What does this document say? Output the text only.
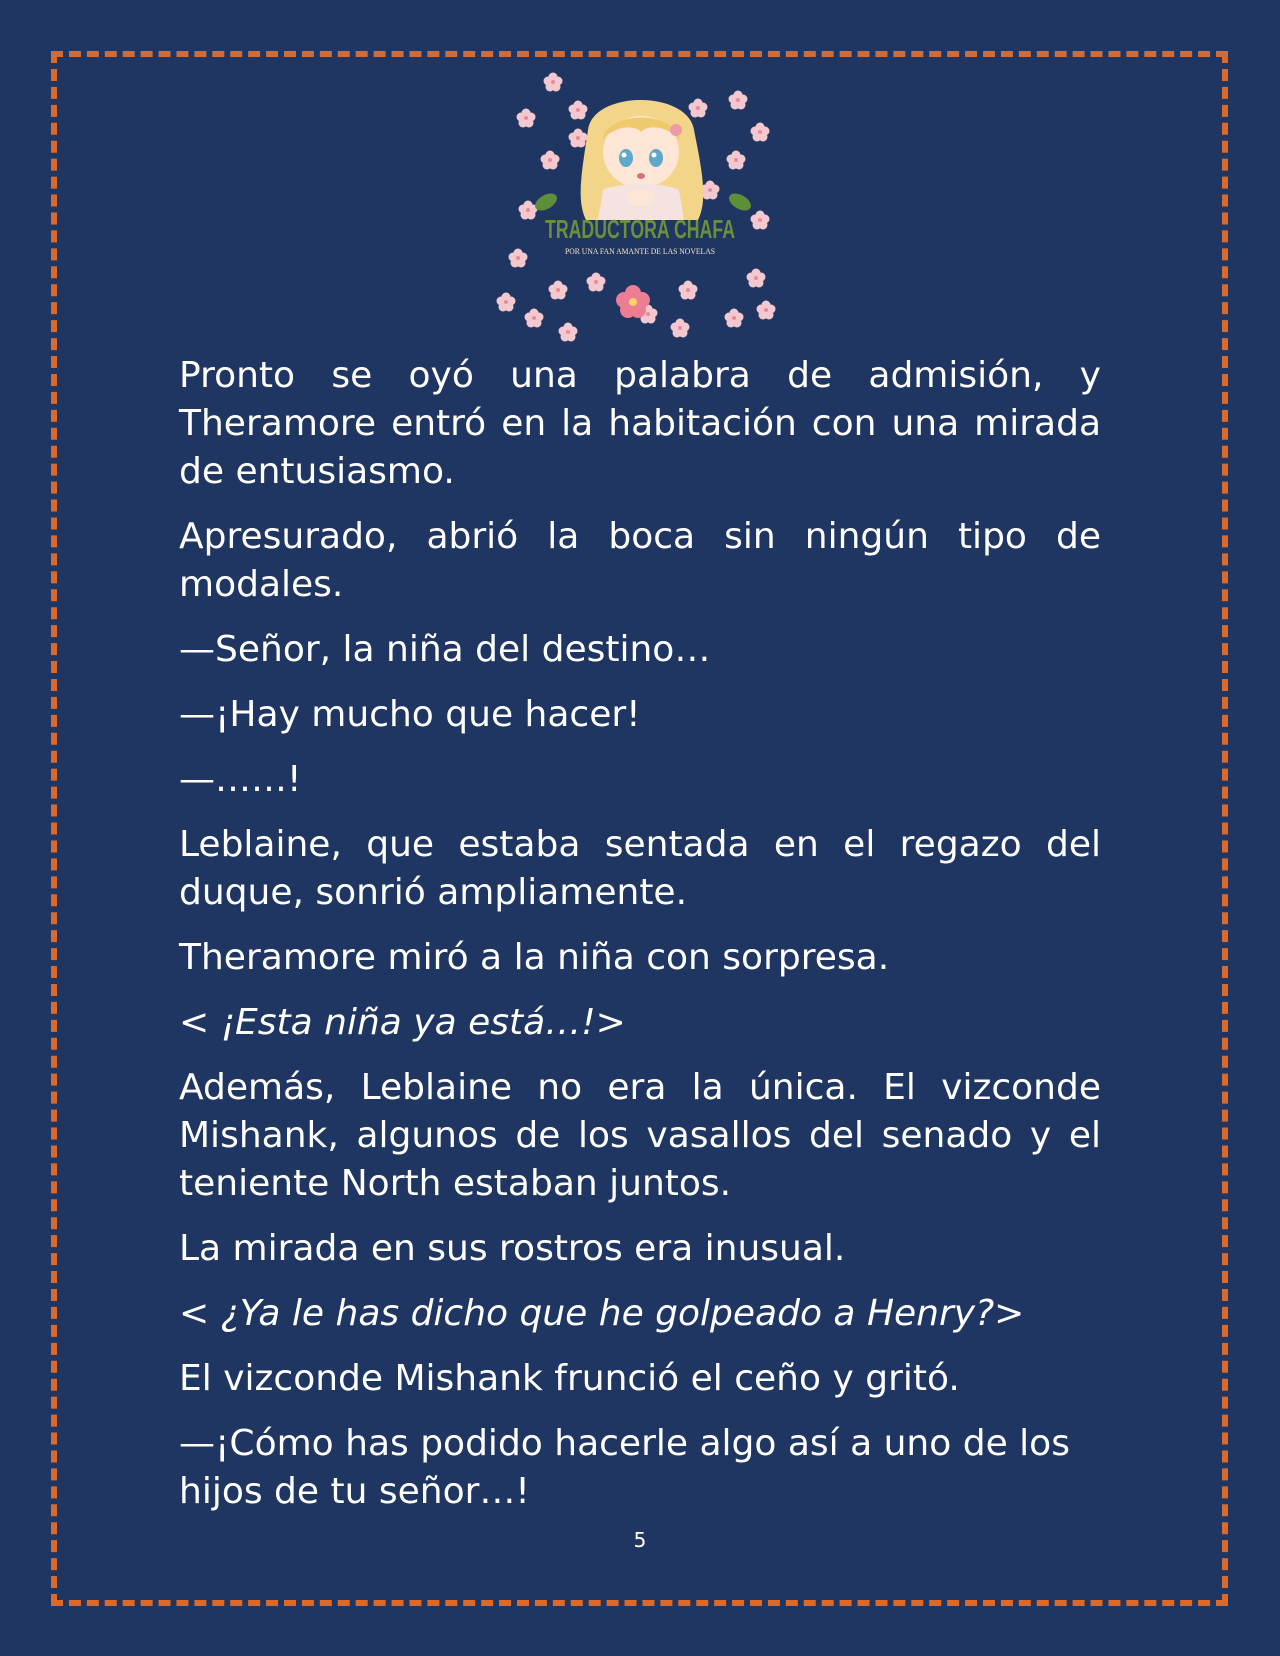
TRADUCTORA CHAFA
POR UNA FAN AMANTE DE LAS NOVELAS

Pronto se oyó una palabra de admisión, y Theramore entró en la habitación con una mirada de entusiasmo.

Apresurado, abrió la boca sin ningún tipo de modales.

—Señor, la niña del destino…

—¡Hay mucho que hacer!

—……!

Leblaine, que estaba sentada en el regazo del duque, sonrió ampliamente.

Theramore miró a la niña con sorpresa.

< ¡Esta niña ya está…!>

Además, Leblaine no era la única. El vizconde Mishank, algunos de los vasallos del senado y el teniente North estaban juntos.

La mirada en sus rostros era inusual.

< ¿Ya le has dicho que he golpeado a Henry?>

El vizconde Mishank frunció el ceño y gritó.

—¡Cómo has podido hacerle algo así a uno de los hijos de tu señor…!

5
